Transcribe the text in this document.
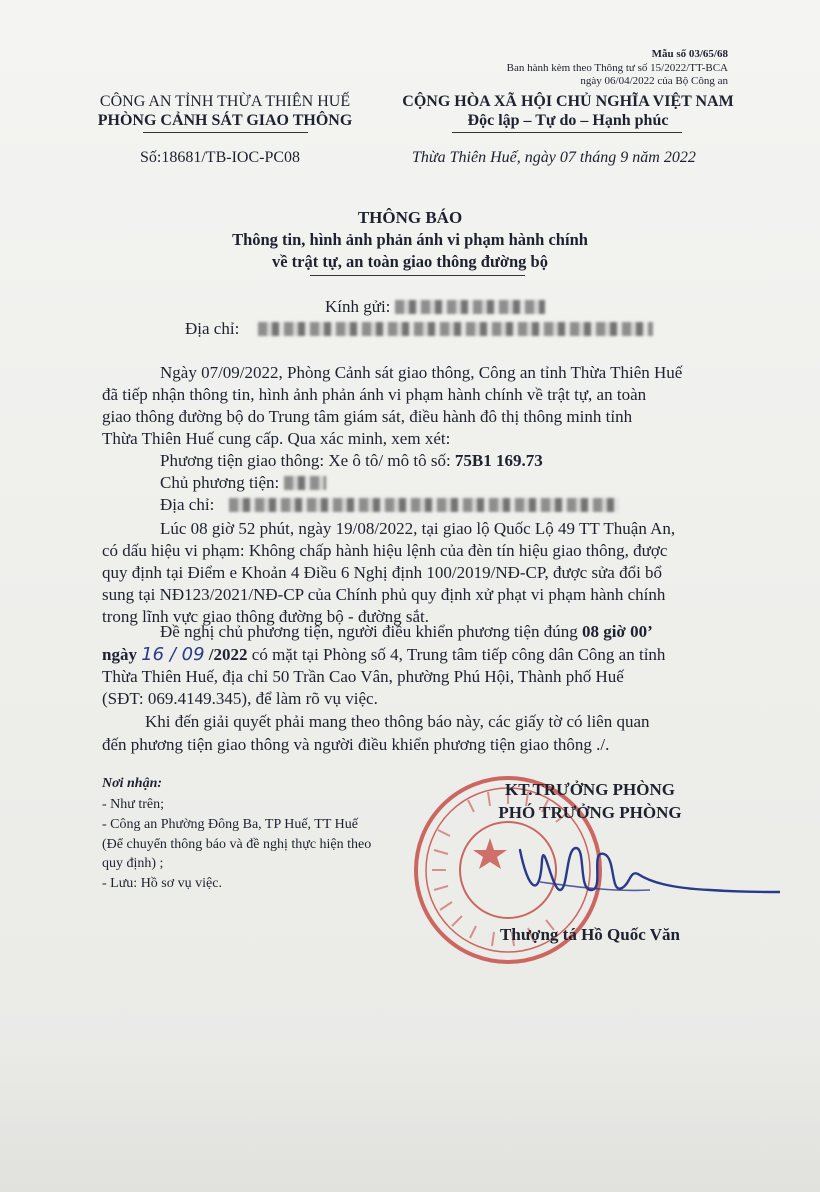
Mẫu số 03/65/68
Ban hành kèm theo Thông tư số 15/2022/TT-BCA
ngày 06/04/2022 của Bộ Công an
CÔNG AN TỈNH THỪA THIÊN HUẾ
PHÒNG CẢNH SÁT GIAO THÔNG
Số:18681/TB-IOC-PC08
CỘNG HÒA XÃ HỘI CHỦ NGHĨA VIỆT NAM
Độc lập – Tự do – Hạnh phúc
Thừa Thiên Huế, ngày 07 tháng 9 năm 2022
THÔNG BÁO
Thông tin, hình ảnh phản ánh vi phạm hành chính
về trật tự, an toàn giao thông đường bộ
Kính gửi:
Địa chỉ:
Ngày 07/09/2022, Phòng Cảnh sát giao thông, Công an tỉnh Thừa Thiên Huế
đã tiếp nhận thông tin, hình ảnh phản ánh vi phạm hành chính về trật tự, an toàn
giao thông đường bộ do Trung tâm giám sát, điều hành đô thị thông minh tỉnh
Thừa Thiên Huế cung cấp. Qua xác minh, xem xét:
Phương tiện giao thông: Xe ô tô/ mô tô số: 75B1 169.73
Chủ phương tiện:
Địa chỉ:
Lúc 08 giờ 52 phút, ngày 19/08/2022, tại giao lộ Quốc Lộ 49 TT Thuận An,
có dấu hiệu vi phạm: Không chấp hành hiệu lệnh của đèn tín hiệu giao thông, được
quy định tại Điểm e Khoản 4 Điều 6 Nghị định 100/2019/NĐ-CP, được sửa đổi bổ
sung tại NĐ123/2021/NĐ-CP của Chính phủ quy định xử phạt vi phạm hành chính
trong lĩnh vực giao thông đường bộ - đường sắt.
Đề nghị chủ phương tiện, người điều khiển phương tiện đúng 08 giờ 00’
ngày 16 / 09 /2022 có mặt tại Phòng số 4, Trung tâm tiếp công dân Công an tỉnh
Thừa Thiên Huế, địa chỉ 50 Trần Cao Vân, phường Phú Hội, Thành phố Huế
(SĐT: 069.4149.345), để làm rõ vụ việc.
Khi đến giải quyết phải mang theo thông báo này, các giấy tờ có liên quan
đến phương tiện giao thông và người điều khiển phương tiện giao thông ./.
Nơi nhận:
- Như trên;
- Công an Phường Đông Ba, TP Huế, TT Huế
(Để chuyển thông báo và đề nghị thực hiện theo
quy định) ;
- Lưu: Hồ sơ vụ việc.
KT.TRƯỞNG PHÒNG
PHÓ TRƯỞNG PHÒNG
Thượng tá Hồ Quốc Văn
